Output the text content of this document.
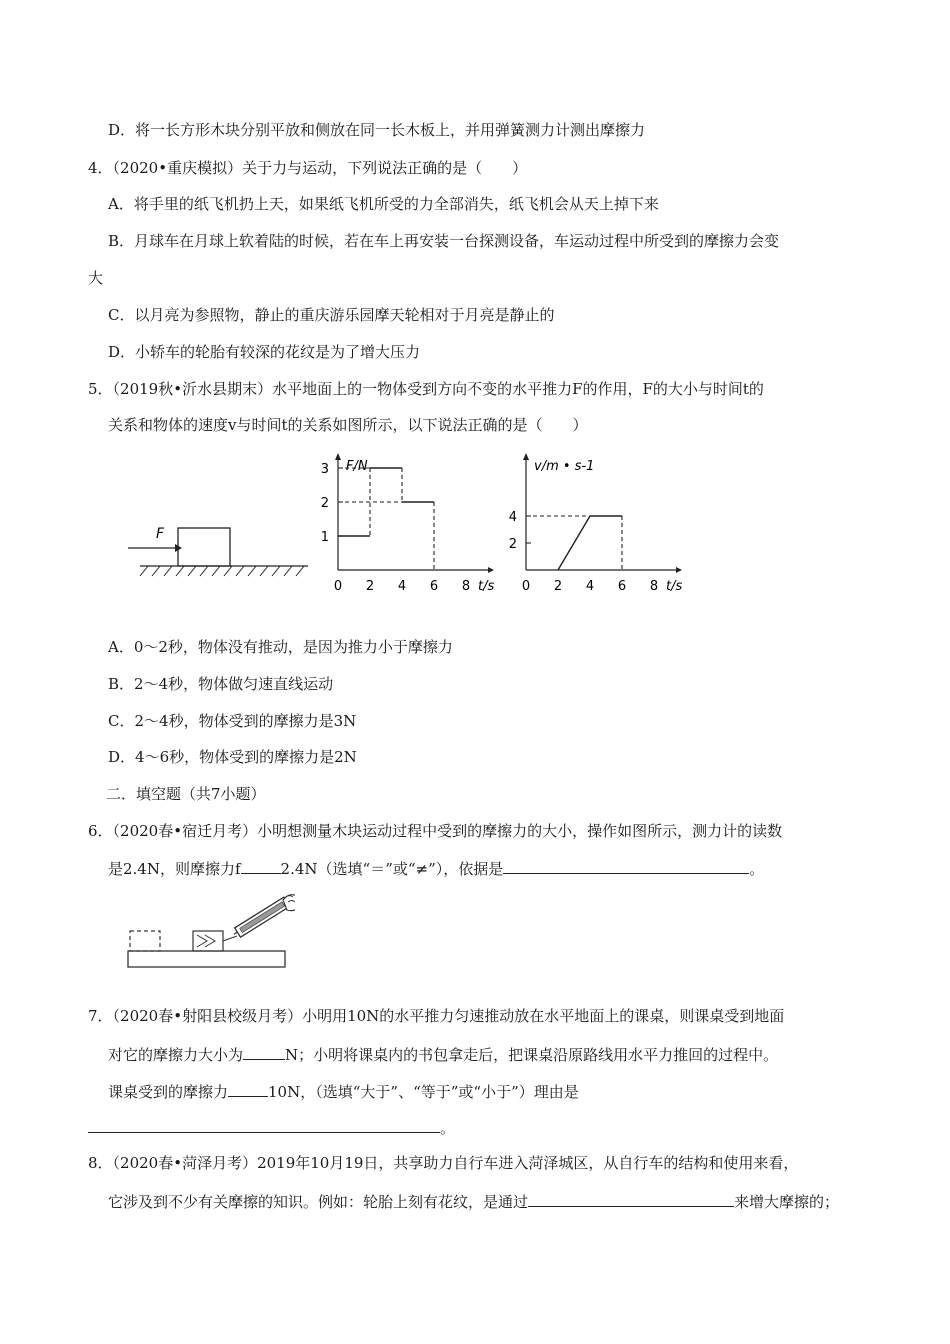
D．将一长方形木块分别平放和侧放在同一长木板上，并用弹簧测力计测出摩擦力
4．（2020•重庆模拟）关于力与运动，下列说法正确的是（　　）
A．将手里的纸飞机扔上天，如果纸飞机所受的力全部消失，纸飞机会从天上掉下来
B．月球车在月球上软着陆的时候，若在车上再安装一台探测设备，车运动过程中所受到的摩擦力会变
大
C．以月亮为参照物，静止的重庆游乐园摩天轮相对于月亮是静止的
D．小轿车的轮胎有较深的花纹是为了增大压力
5．（2019秋•沂水县期末）水平地面上的一物体受到方向不变的水平推力F的作用，F的大小与时间t的
关系和物体的速度v与时间t的关系如图所示，以下说法正确的是（　　）
F
F/N
t/s
0 2 4 6 8
1
2
3	v/m • s-1
t/s
0 2 4 6 8
2
4
A．0～2秒，物体没有推动，是因为推力小于摩擦力
B．2～4秒，物体做匀速直线运动
C．2～4秒，物体受到的摩擦力是3N
D．4～6秒，物体受到的摩擦力是2N
二．填空题（共7小题）
6．（2020春•宿迁月考）小明想测量木块运动过程中受到的摩擦力的大小，操作如图所示，测力计的读数
是2.4N，则摩擦力f	2.4N（选填“＝”或“≠”），依据是	。
7．（2020春•射阳县校级月考）小明用10N的水平推力匀速推动放在水平地面上的课桌，则课桌受到地面
对它的摩擦力大小为	N；小明将课桌内的书包拿走后，把课桌沿原路线用水平力推回的过程中。
课桌受到的摩擦力	10N，（选填“大于”、“等于”或“小于”）理由是
。
8．（2020春•菏泽月考）2019年10月19日，共享助力自行车进入菏泽城区，从自行车的结构和使用来看，
它涉及到不少有关摩擦的知识。例如：轮胎上刻有花纹，是通过	来增大摩擦的；
